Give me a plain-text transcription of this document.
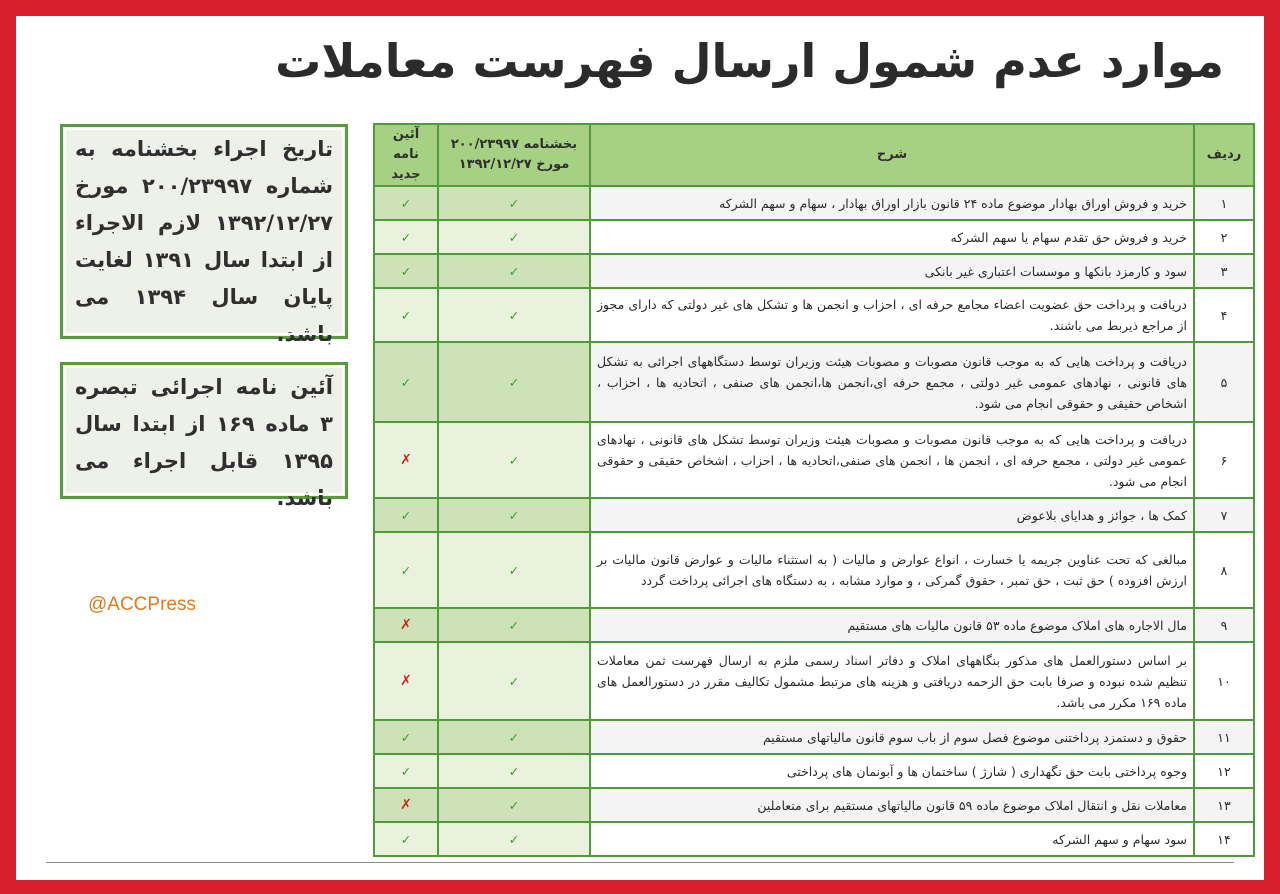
موارد عدم شمول ارسال فهرست معاملات
تاریخ اجراء بخشنامه به شماره ۲۰۰/۲۳۹۹۷ مورخ ۱۳۹۲/۱۲/۲۷ لازم الاجراء از ابتدا سال ۱۳۹۱ لغایت پایان سال ۱۳۹۴ می باشد.
آئین نامه اجرائی تبصره ۳ ماده ۱۶۹ از ابتدا سال ۱۳۹۵ قابل اجراء می باشد.
@ACCPress
ردیف	شرح	بخشنامه ۲۰۰/۲۳۹۹۷ مورخ ۱۳۹۲/۱۲/۲۷	آئین نامه جدید
۱	خرید و فروش اوراق بهادار موضوع ماده ۲۴ قانون بازار اوراق بهادار ، سهام و سهم الشرکه	✓	✓
۲	خرید و فروش حق تقدم سهام یا سهم الشرکه	✓	✓
۳	سود و کارمزد بانکها و موسسات اعتباری غیر بانکی	✓	✓
۴	دریافت و پرداخت حق عضویت اعضاء مجامع حرفه ای ، احزاب و انجمن ها و تشکل های غیر دولتی که دارای مجوز از مراجع ذیربط می باشند.	✓	✓
۵	دریافت و پرداخت هایی که به موجب قانون مصوبات و مصوبات هیئت وزیران توسط دستگاههای اجرائی به تشکل های قانونی ، نهادهای عمومی غیر دولتی ، مجمع حرفه ای،انجمن ها،انجمن های صنفی ، اتحادیه ها ، احزاب ، اشخاص حقیقی و حقوقی انجام می شود.	✓	✓
۶	دریافت و پرداخت هایی که به موجب قانون مصوبات و مصوبات هیئت وزیران توسط تشکل های قانونی ، نهادهای عمومی غیر دولتی ، مجمع حرفه ای ، انجمن ها ، انجمن های صنفی،اتحادیه ها ، احزاب ، اشخاص حقیقی و حقوقی انجام می شود.	✓	✗
۷	کمک ها ، جوائز و هدایای بلاعوض	✓	✓
۸	مبالغی که تحت عناوین جریمه یا خسارت ، انواع عوارض و مالیات ( به استثناء مالیات و عوارض قانون مالیات بر ارزش افزوده ) حق ثبت ، حق تمبر ، حقوق گمرکی ، و موارد مشابه ، به دستگاه های اجرائی پرداخت گردد	✓	✓
۹	مال الاجاره های املاک موضوع ماده ۵۳ قانون مالیات های مستقیم	✓	✗
۱۰	بر اساس دستورالعمل های مذکور بنگاههای املاک و دفاتر اسناد رسمی ملزم به ارسال فهرست ثمن معاملات تنظیم شده نبوده و صرفا بابت حق الزحمه دریافتی و هزینه های مرتبط مشمول تکالیف مقرر در دستورالعمل های ماده ۱۶۹ مکرر می باشد.	✓	✗
۱۱	حقوق و دستمزد پرداختنی موضوع فصل سوم از باب سوم قانون مالیاتهای مستقیم	✓	✓
۱۲	وجوه پرداختی بابت حق نگهداری ( شارژ ) ساختمان ها و آبونمان های پرداختی	✓	✓
۱۳	معاملات نقل و انتقال املاک موضوع ماده ۵۹ قانون مالیاتهای مستقیم برای متعاملین	✓	✗
۱۴	سود سهام و سهم الشرکه	✓	✓
